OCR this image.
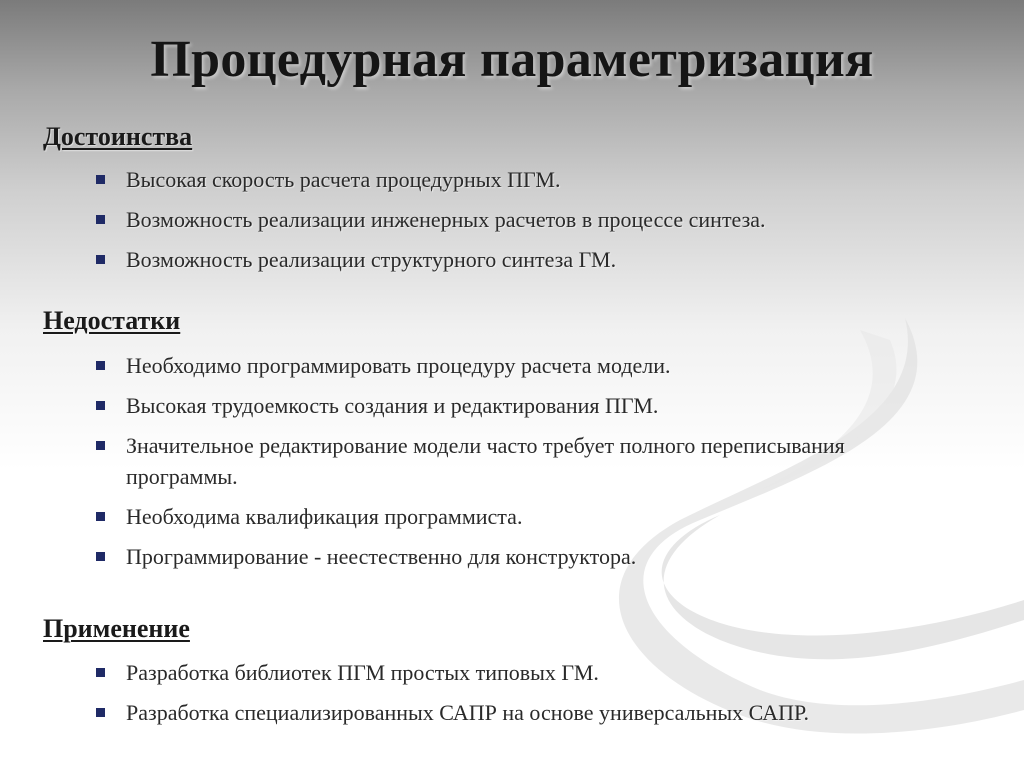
Процедурная параметризация
Достоинства
Высокая скорость расчета процедурных ПГМ.
Возможность реализации инженерных расчетов в процессе синтеза.
Возможность реализации структурного синтеза ГМ.
Недостатки
Необходимо программировать процедуру расчета модели.
Высокая трудоемкость создания и редактирования ПГМ.
Значительное редактирование модели часто требует полного переписывания программы.
Необходима квалификация программиста.
Программирование - неестественно для конструктора.
Применение
Разработка библиотек ПГМ простых типовых ГМ.
Разработка специализированных САПР на основе универсальных САПР.
